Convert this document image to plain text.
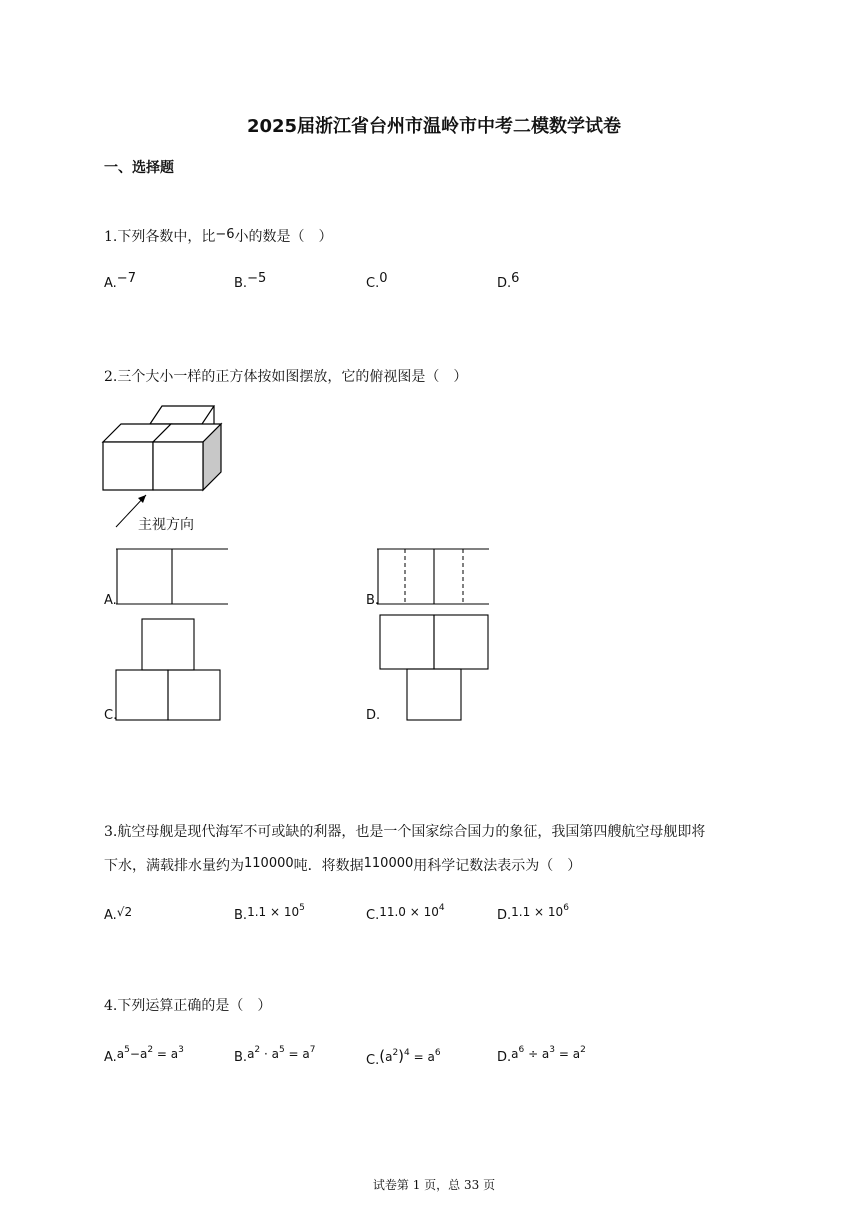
2025届浙江省台州市温岭市中考二模数学试卷
一、选择题
1.下列各数中，比−6小的数是（　）
A.−7	B.−5	C.0	D.6
2.三个大小一样的正方体按如图摆放，它的俯视图是（　）
主视方向
A.	B.
C.	D.
3.航空母舰是现代海军不可或缺的利器，也是一个国家综合国力的象征，我国第四艘航空母舰即将
下水，满载排水量约为110000吨．将数据110000用科学记数法表示为（　）
A.√2	$B.1.1 \times 10^5$	$C.11.0 \times 10^4$	$D.1.1 \times 10^6$
4.下列运算正确的是（　）
$A.a^5-a^2 = a^3$	$B.a^2 \cdot a^5 = a^7$
$C.(a^2)^4 = a^6$	$D.a^6 \div a^3 = a^2$
试卷第 1 页，总 33 页
